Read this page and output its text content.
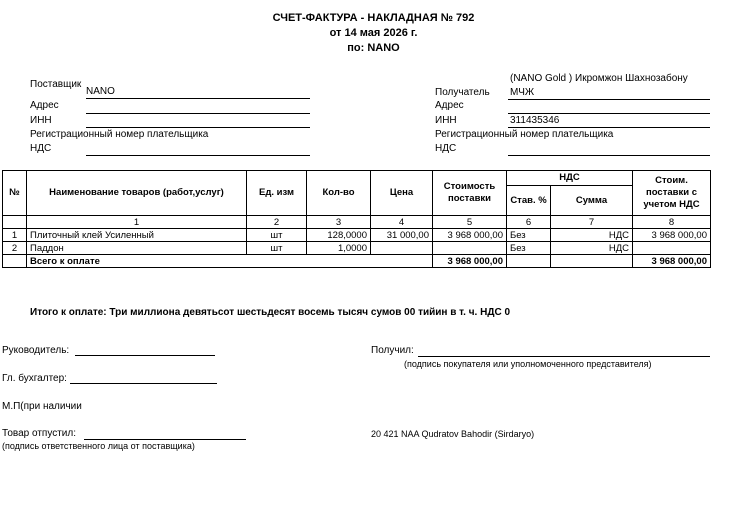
СЧЕТ-ФАКТУРА - НАКЛАДНАЯ № 792
от 14 мая 2026 г.
по: NANO
Поставщик
NANO
Адрес
ИНН
Регистрационный номер плательщика
НДС
(NANO Gold ) Икромжон Шахнозабону
Получатель МЧЖ
Адрес
ИНН	311435346
Регистрационный номер плательщика
НДС
№	Наименование товаров (работ,услуг)	Ед. изм	Кол-во	Цена	Стоимость поставки	НДС		Стоим. поставки с учетом НДС
						Став. %	Сумма	
	1	2	3	4	5	6	7	8
1	Плиточный клей Усиленный	шт	128,0000	31 000,00	3 968 000,00	Без	НДС	3 968 000,00
2	Паддон	шт	1,0000			Без	НДС	
	Всего к оплате				3 968 000,00			3 968 000,00
Итого к оплате: Три миллиона девятьсот шестьдесят восемь тысяч сумов 00 тийин в т. ч. НДС 0
Руководитель:
Гл. бухгалтер:
М.П(при наличии
Товар отпустил:
(подпись ответственного лица от поставщика)
Получил:
(подпись покупателя или уполномоченного представителя)
20 421 NAA Qudratov Bahodir (Sirdaryo)
